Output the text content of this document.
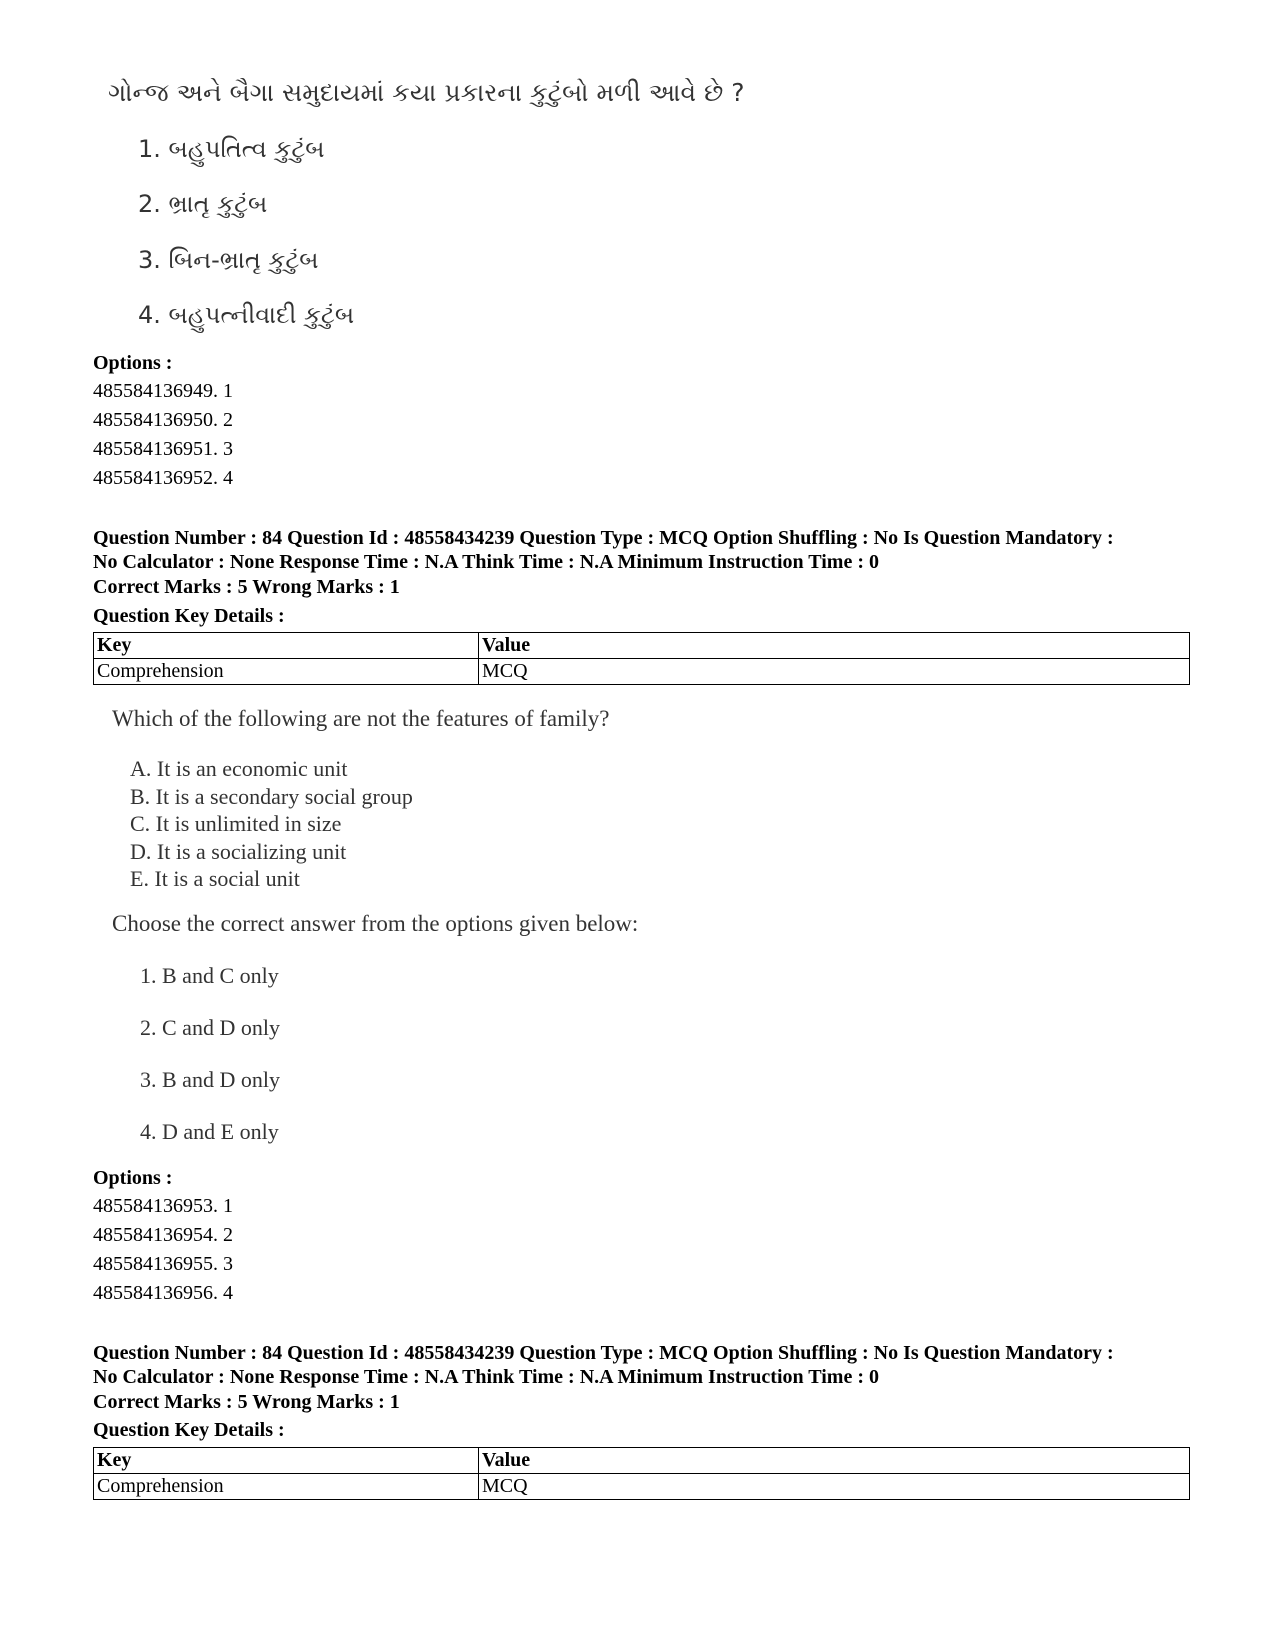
ગોન્જ અને બૈગા સમુદાયમાં કયા પ્રકારના કુટુંબો મળી આવે છે ?
1. બહુપતિત્વ કુટુંબ
2. ભ્રાતૃ કુટુંબ
3. બિન-ભ્રાતૃ કુટુંબ
4. બહુપત્નીવાદી કુટુંબ
Options :
485584136949. 1
485584136950. 2
485584136951. 3
485584136952. 4
Question Number : 84 Question Id : 48558434239 Question Type : MCQ Option Shuffling : No Is Question Mandatory :
No Calculator : None Response Time : N.A Think Time : N.A Minimum Instruction Time : 0
Correct Marks : 5 Wrong Marks : 1
Question Key Details :
Key	Value
Comprehension	MCQ
Which of the following are not the features of family?
A. It is an economic unit
B. It is a secondary social group
C. It is unlimited in size
D. It is a socializing unit
E. It is a social unit
Choose the correct answer from the options given below:
1. B and C only
2. C and D only
3. B and D only
4. D and E only
Options :
485584136953. 1
485584136954. 2
485584136955. 3
485584136956. 4
Question Number : 84 Question Id : 48558434239 Question Type : MCQ Option Shuffling : No Is Question Mandatory :
No Calculator : None Response Time : N.A Think Time : N.A Minimum Instruction Time : 0
Correct Marks : 5 Wrong Marks : 1
Question Key Details :
Key	Value
Comprehension	MCQ
